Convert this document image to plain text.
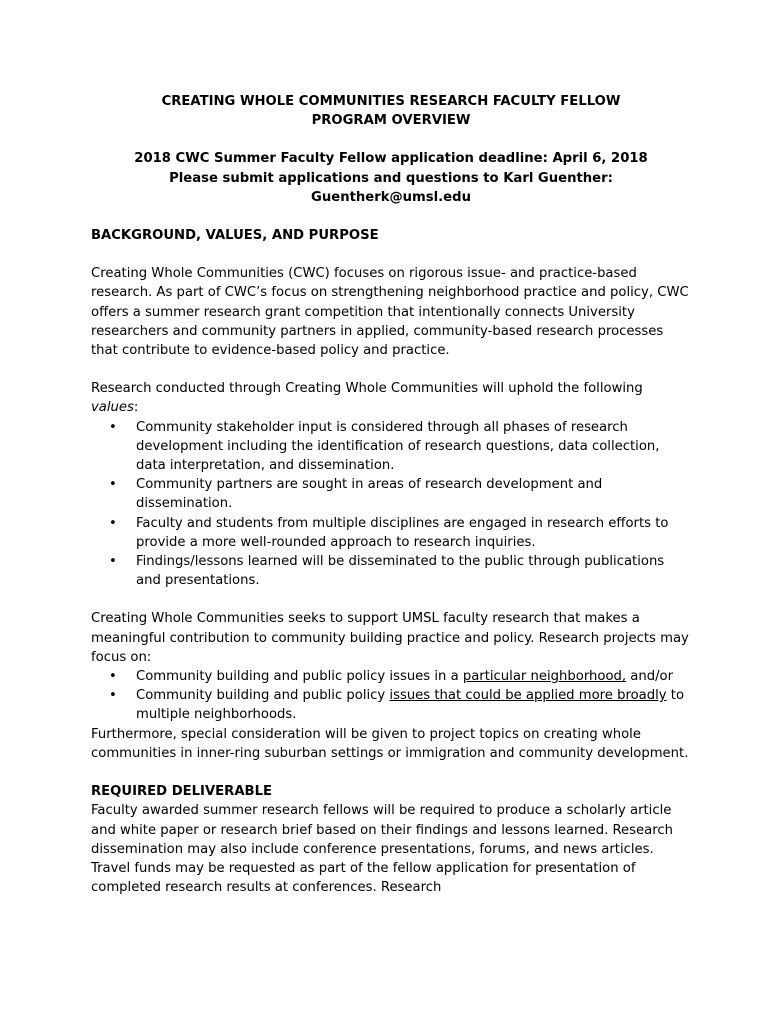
CREATING WHOLE COMMUNITIES RESEARCH FACULTY FELLOW
PROGRAM OVERVIEW
2018 CWC Summer Faculty Fellow application deadline: April 6, 2018
Please submit applications and questions to Karl Guenther:
Guentherk@umsl.edu
BACKGROUND, VALUES, AND PURPOSE

Creating Whole Communities (CWC) focuses on rigorous issue- and practice-based research. As part of CWC’s focus on strengthening neighborhood practice and policy, CWC offers a summer research grant competition that intentionally connects University researchers and community partners in applied, community-based research processes that contribute to evidence-based policy and practice.

Research conducted through Creating Whole Communities will uphold the following values:

• Community stakeholder input is considered through all phases of research development including the identification of research questions, data collection, data interpretation, and dissemination.
• Community partners are sought in areas of research development and dissemination.
• Faculty and students from multiple disciplines are engaged in research efforts to provide a more well-rounded approach to research inquiries.
• Findings/lessons learned will be disseminated to the public through publications and presentations.

Creating Whole Communities seeks to support UMSL faculty research that makes a meaningful contribution to community building practice and policy. Research projects may focus on:

• Community building and public policy issues in a particular neighborhood, and/or
• Community building and public policy issues that could be applied more broadly to multiple neighborhoods.

Furthermore, special consideration will be given to project topics on creating whole communities in inner-ring suburban settings or immigration and community development.

REQUIRED DELIVERABLE

Faculty awarded summer research fellows will be required to produce a scholarly article and white paper or research brief based on their findings and lessons learned. Research dissemination may also include conference presentations, forums, and news articles. Travel funds may be requested as part of the fellow application for presentation of completed research results at conferences. Research
